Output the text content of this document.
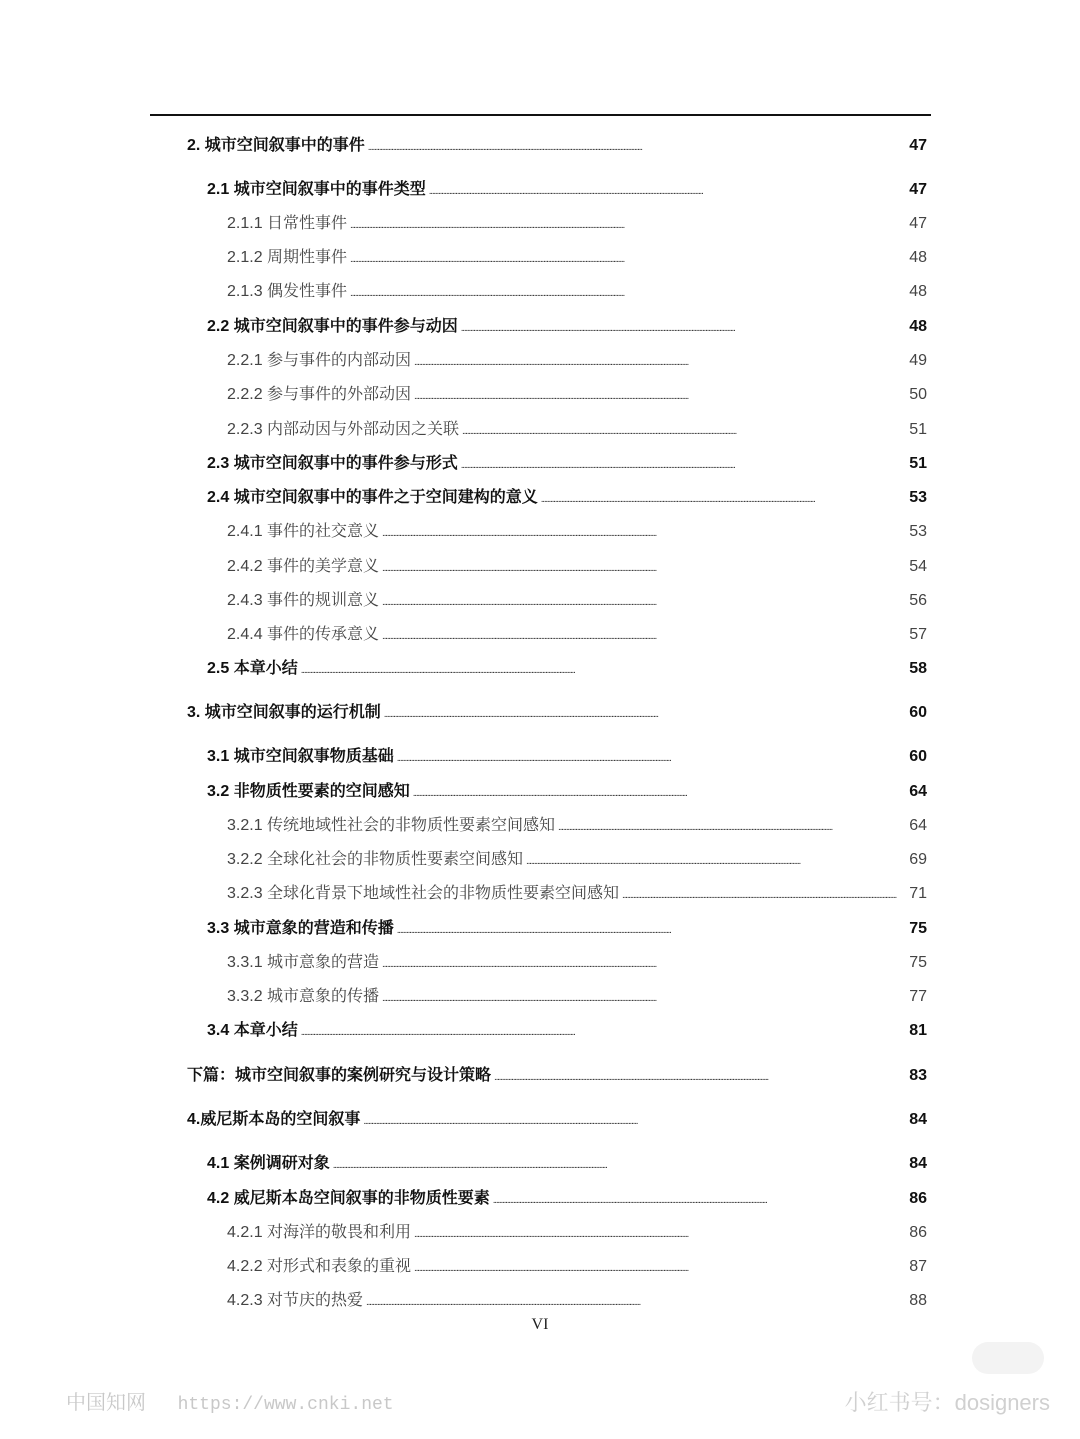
2. 城市空间叙事中的事件 . . .	47
2.1 城市空间叙事中的事件类型 . . .	47
2.1.1 日常性事件 . . .	47
2.1.2 周期性事件 . . .	48
2.1.3 偶发性事件 . . .	48
2.2 城市空间叙事中的事件参与动因 . . .	48
2.2.1 参与事件的内部动因 . . .	49
2.2.2 参与事件的外部动因 . . .	50
2.2.3 内部动因与外部动因之关联 . . .	51
2.3 城市空间叙事中的事件参与形式 . . .	51
2.4 城市空间叙事中的事件之于空间建构的意义 . . .	53
2.4.1 事件的社交意义 . . .	53
2.4.2 事件的美学意义 . . .	54
2.4.3 事件的规训意义 . . .	56
2.4.4 事件的传承意义 . . .	57
2.5 本章小结 . . .	58
3. 城市空间叙事的运行机制 . . .	60
3.1 城市空间叙事物质基础 . . .	60
3.2 非物质性要素的空间感知 . . .	64
3.2.1 传统地域性社会的非物质性要素空间感知 . . .	64
3.2.2 全球化社会的非物质性要素空间感知 . . .	69
3.2.3 全球化背景下地域性社会的非物质性要素空间感知 . . .	71
3.3 城市意象的营造和传播 . . .	75
3.3.1 城市意象的营造 . . .	75
3.3.2 城市意象的传播 . . .	77
3.4 本章小结 . . .	81
下篇：城市空间叙事的案例研究与设计策略 . . .	83
4.威尼斯本岛的空间叙事 . . .	84
4.1 案例调研对象 . . .	84
4.2 威尼斯本岛空间叙事的非物质性要素 . . .	86
4.2.1 对海洋的敬畏和利用 . . .	86
4.2.2 对形式和表象的重视 . . .	87
4.2.3 对节庆的热爱 . . .	88
VI
中国知网 https://www.cnki.net	小红书号：dosigners
